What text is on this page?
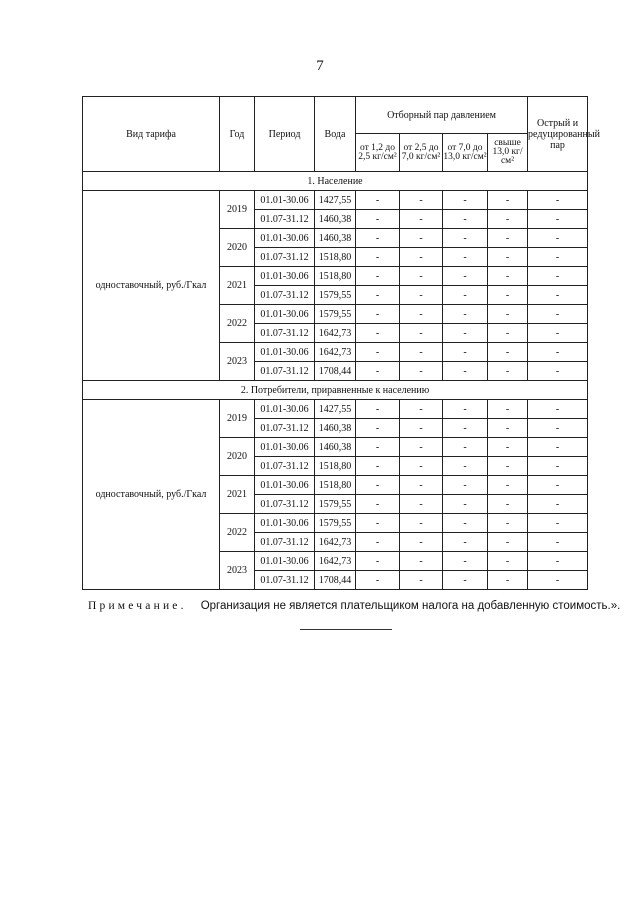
7
Вид тарифа	Год	Период	Вода	Отборный пар давлением				Острый и редуцированный пар
				от 1,2 до 2,5 кг/см²	от 2,5 до 7,0 кг/см²	от 7,0 до 13,0 кг/см²	свыше 13,0 кг/см²	
1. Население								
одноставочный, руб./Гкал	2019	01.01-30.06	1427,55	-	-	-	-	-
		01.07-31.12	1460,38	-	-	-	-	-
	2020	01.01-30.06	1460,38	-	-	-	-	-
		01.07-31.12	1518,80	-	-	-	-	-
	2021	01.01-30.06	1518,80	-	-	-	-	-
		01.07-31.12	1579,55	-	-	-	-	-
	2022	01.01-30.06	1579,55	-	-	-	-	-
		01.07-31.12	1642,73	-	-	-	-	-
	2023	01.01-30.06	1642,73	-	-	-	-	-
		01.07-31.12	1708,44	-	-	-	-	-
2. Потребители, приравненные к населению								
одноставочный, руб./Гкал	2019	01.01-30.06	1427,55	-	-	-	-	-
		01.07-31.12	1460,38	-	-	-	-	-
	2020	01.01-30.06	1460,38	-	-	-	-	-
		01.07-31.12	1518,80	-	-	-	-	-
	2021	01.01-30.06	1518,80	-	-	-	-	-
		01.07-31.12	1579,55	-	-	-	-	-
	2022	01.01-30.06	1579,55	-	-	-	-	-
		01.07-31.12	1642,73	-	-	-	-	-
	2023	01.01-30.06	1642,73	-	-	-	-	-
		01.07-31.12	1708,44	-	-	-	-	-
Примечание. Организация не является плательщиком налога на добавленную стоимость.».
